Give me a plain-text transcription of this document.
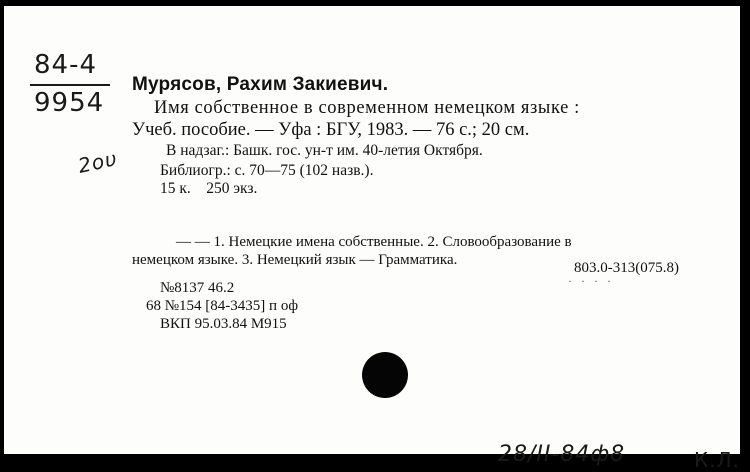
84-4
9954
2ου
Мурясов, Рахим Закиевич.
Имя собственное в современном немецком языке :
Учеб. пособие. — Уфа : БГУ, 1983. — 76 с.; 20 см.
В надзаг.: Башк. гос. ун-т им. 40-летия Октября.
Библиогр.: с. 70—75 (102 назв.).
15 к.    250 экз.
— — 1. Немецкие имена собственные. 2. Словообразование в
немецком языке. 3. Немецкий язык — Грамматика.
· · · ·
803.0-313(075.8)
№8137 46.2
68 №154 [84-3435] п оф
ВКП 95.03.84 М915
28/II-84ф8	К.Л.
